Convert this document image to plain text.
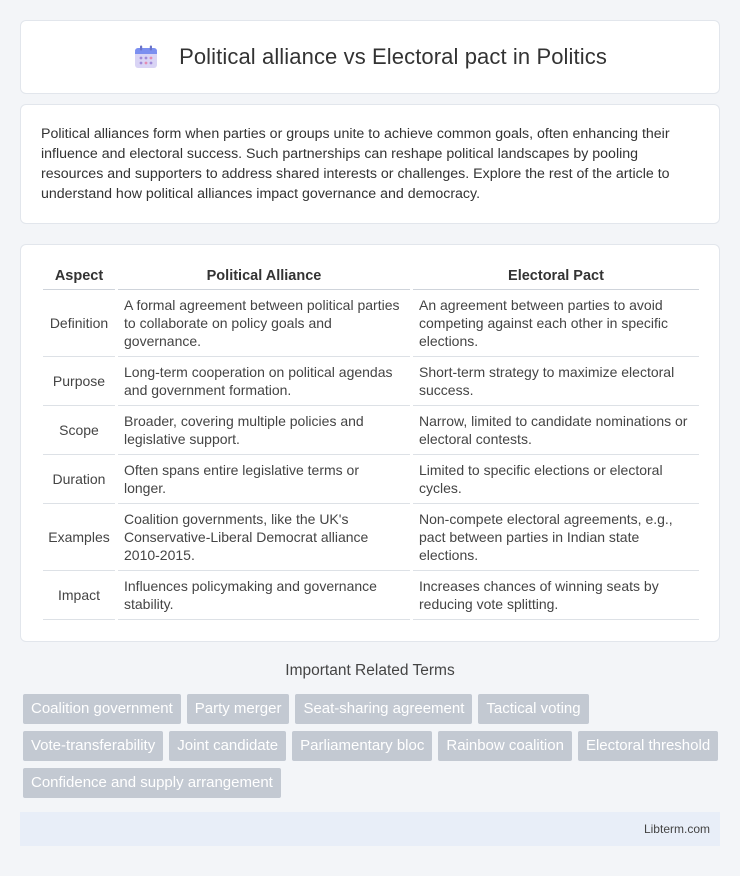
Political alliance vs Electoral pact in Politics

Political alliances form when parties or groups unite to achieve common goals, often enhancing their influence and electoral success. Such partnerships can reshape political landscapes by pooling resources and supporters to address shared interests or challenges. Explore the rest of the article to understand how political alliances impact governance and democracy.

Aspect	Political Alliance	Electoral Pact
Definition	A formal agreement between political parties to collaborate on policy goals and governance.	An agreement between parties to avoid competing against each other in specific elections.
Purpose	Long-term cooperation on political agendas and government formation.	Short-term strategy to maximize electoral success.
Scope	Broader, covering multiple policies and legislative support.	Narrow, limited to candidate nominations or electoral contests.
Duration	Often spans entire legislative terms or longer.	Limited to specific elections or electoral cycles.
Examples	Coalition governments, like the UK's Conservative-Liberal Democrat alliance 2010-2015.	Non-compete electoral agreements, e.g., pact between parties in Indian state elections.
Impact	Influences policymaking and governance stability.	Increases chances of winning seats by reducing vote splitting.
Important Related Terms
Coalition government	Party merger	Seat-sharing agreement	Tactical voting
Vote-transferability	Joint candidate	Parliamentary bloc	Rainbow coalition	Electoral threshold
Confidence and supply arrangement
Libterm.com
